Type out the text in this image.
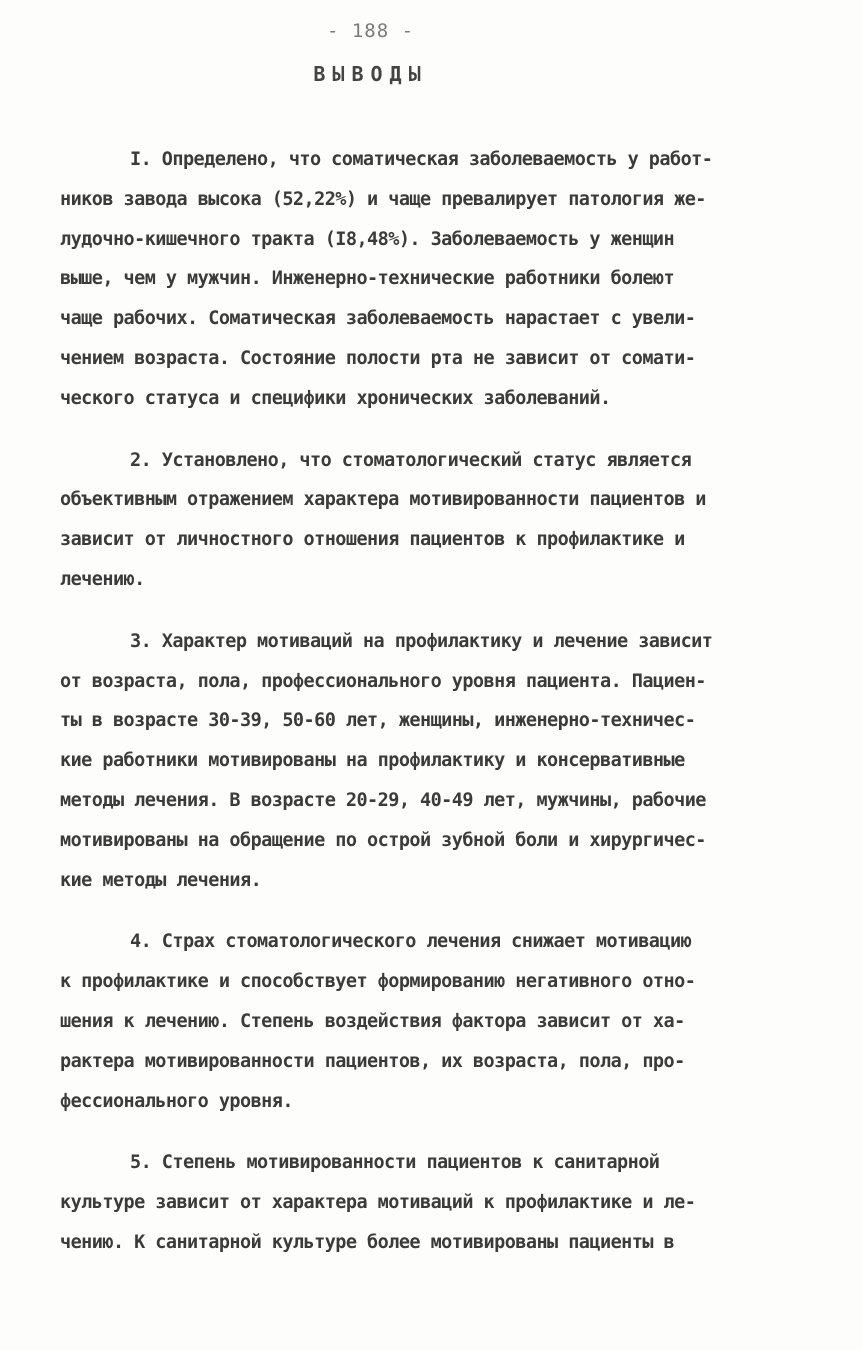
- 188 -
ВЫВОДЫ
I. Определено, что соматическая заболеваемость у работ-
ников завода высока (52,22%) и чаще превалирует патология же-
лудочно-кишечного тракта (I8,48%). Заболеваемость у женщин
выше, чем у мужчин. Инженерно-технические работники болеют
чаще рабочих. Соматическая заболеваемость нарастает с увели-
чением возраста. Состояние полости рта не зависит от сомати-
ческого статуса и специфики хронических заболеваний.
2. Установлено, что стоматологический статус является
объективным отражением характера мотивированности пациентов и
зависит от личностного отношения пациентов к профилактике и
лечению.
3. Характер мотиваций на профилактику и лечение зависит
от возраста, пола, профессионального уровня пациента. Пациен-
ты в возрасте 30-39, 50-60 лет, женщины, инженерно-техничес-
кие работники мотивированы на профилактику и консервативные
методы лечения. В возрасте 20-29, 40-49 лет, мужчины, рабочие
мотивированы на обращение по острой зубной боли и хирургичес-
кие методы лечения.
4. Страх стоматологического лечения снижает мотивацию
к профилактике и способствует формированию негативного отно-
шения к лечению. Степень воздействия фактора зависит от ха-
рактера мотивированности пациентов, их возраста, пола, про-
фессионального уровня.
5. Степень мотивированности пациентов к санитарной
культуре зависит от характера мотиваций к профилактике и ле-
чению. К санитарной культуре более мотивированы пациенты в
